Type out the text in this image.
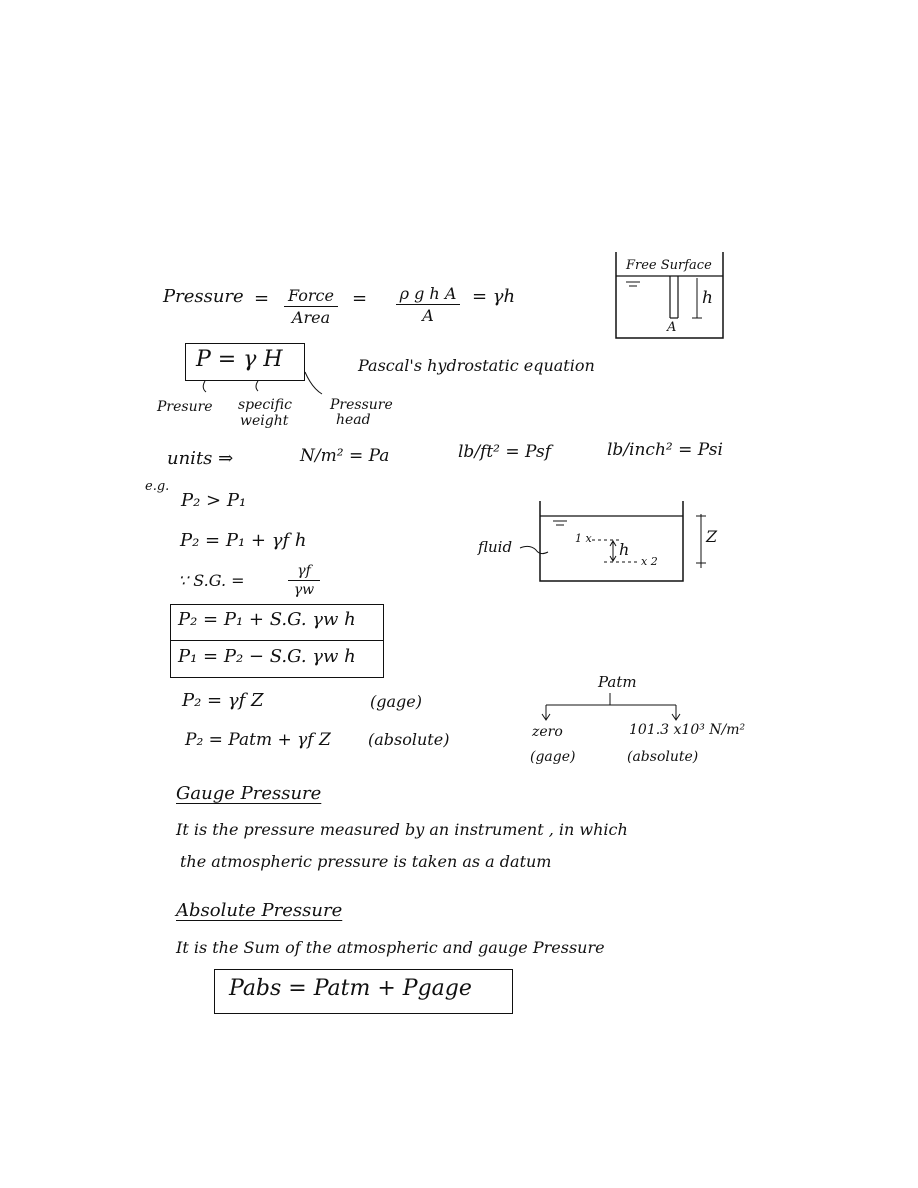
Pressure = Force
Area
= $\frac{\text{ρ g h A}}{A} = \gamma h$
Free Surface
h
A
P = γ H	Pascal's hydrostatic equation
Presure specific
weight
Pressure
head
units ⇒	N/m² = Pa	lb/ft² = Psf	lb/inch² = Psi
e.g.
P₂ > P₁
P₂ = P₁ + γf h
∵ S.G. =	$\frac{\gamma f}{\gamma w}$
P₂ = P₁ + S.G. γw h
P₁ = P₂ − S.G. γw h
P₂ = γf Z	(gage)
P₂ = Patm + γf Z (absolute)
fluid	1 x
x 2
h
Z
Patm
zero
(gage)
101.3 x10³ N/m²
(absolute)
Gauge Pressure
It is the pressure measured by an instrument , in which
the atmospheric pressure is taken as a datum
Absolute Pressure
It is the Sum of the atmospheric and gauge Pressure
Pabs = Patm + Pgage
